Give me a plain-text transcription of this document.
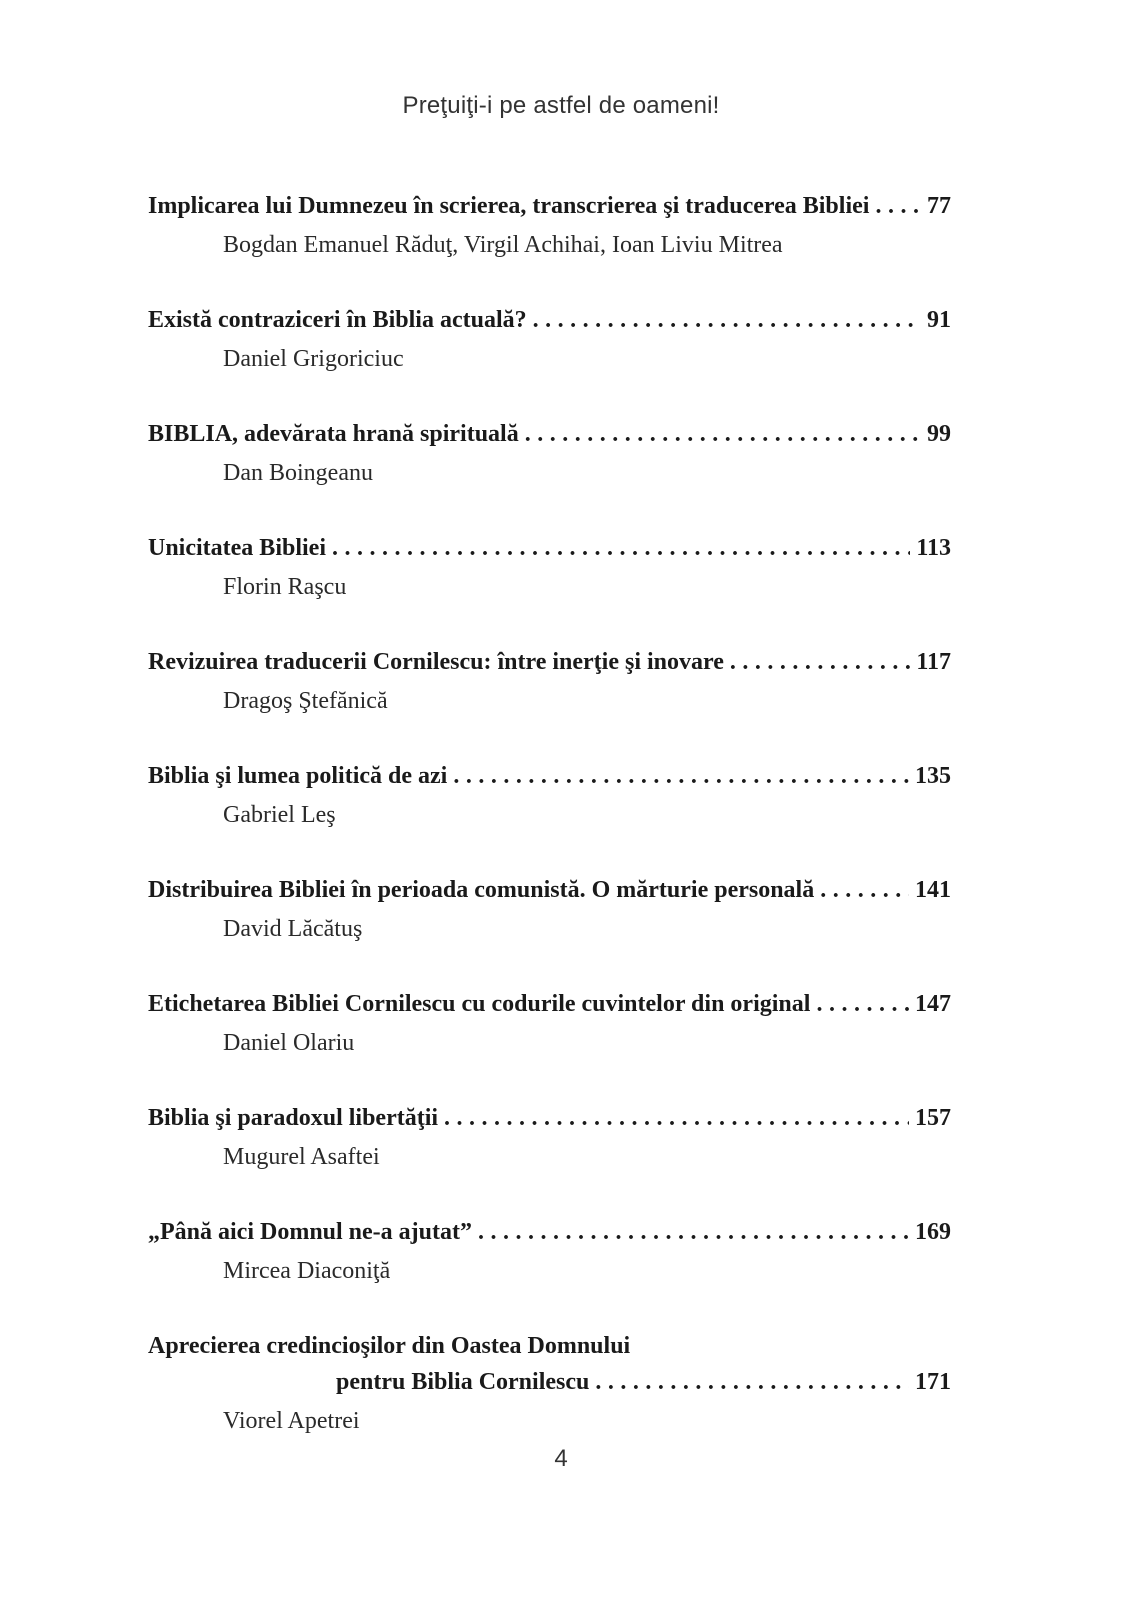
Preţuiţi-i pe astfel de oameni!
Implicarea lui Dumnezeu în scrierea, transcrierea şi traducerea Bibliei . . . 77
Bogdan Emanuel Răduţ, Virgil Achihai, Ioan Liviu Mitrea
Există contraziceri în Biblia actuală? . . .	91
Daniel Grigoriciuc
BIBLIA, adevărata hrană spirituală . . .	99
Dan Boingeanu
Unicitatea Bibliei . . .	113
Florin Raşcu
Revizuirea traducerii Cornilescu: între inerţie şi inovare . . .	117
Dragoş Ştefănică
Biblia şi lumea politică de azi . . .	135
Gabriel Leş
Distribuirea Bibliei în perioada comunistă. O mărturie personală . . .	141
David Lăcătuş
Etichetarea Bibliei Cornilescu cu codurile cuvintelor din original . . .	147
Daniel Olariu
Biblia şi paradoxul libertăţii . . .	157
Mugurel Asaftei
„Până aici Domnul ne-a ajutat” . . .	169
Mircea Diaconiţă
Aprecierea credincioşilor din Oastea Domnului
pentru Biblia Cornilescu . . .	171
Viorel Apetrei
4
